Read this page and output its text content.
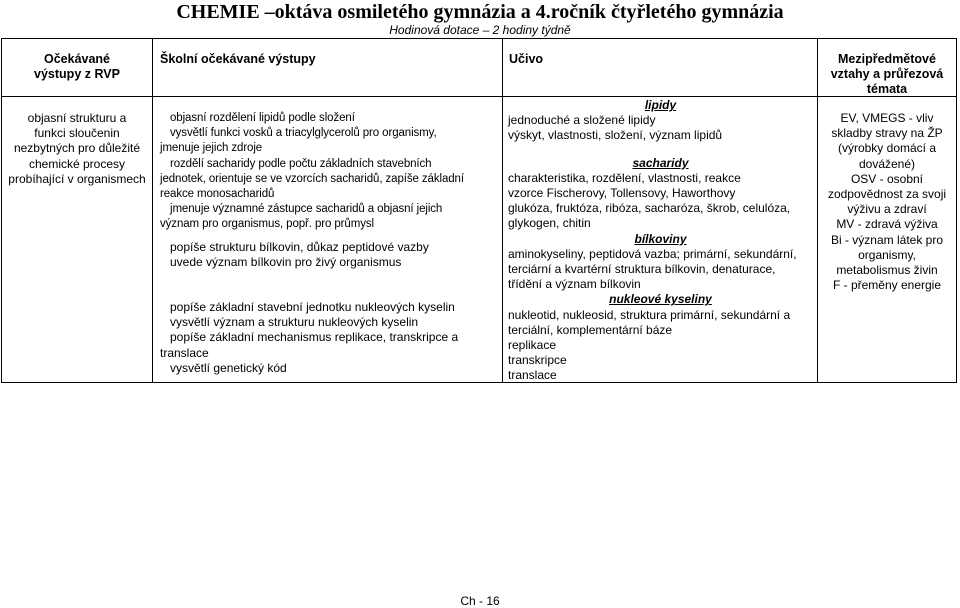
CHEMIE –oktáva osmiletého gymnázia a 4.ročník čtyřletého gymnázia
Hodinová dotace – 2 hodiny týdně
Očekávané
výstupy z RVP
Školní očekávané výstupy	Učivo	Mezipředmětové
vztahy a průřezová
témata

objasní strukturu a

funkci sloučenin

nezbytných pro důležité

chemické procesy

probíhající v organismech

objasní rozdělení lipidů podle složení

vysvětlí funkci vosků a triacylglycerolů pro organismy,

jmenuje jejich zdroje

rozdělí sacharidy podle počtu základních stavebních

jednotek, orientuje se ve vzorcích sacharidů, zapíše základní

reakce monosacharidů

jmenuje významné zástupce sacharidů a objasní jejich

význam pro organismus, popř. pro průmysl

popíše strukturu bílkovin, důkaz peptidové vazby

uvede význam bílkovin pro živý organismus

popíše základní stavební jednotku nukleových kyselin

vysvětlí význam a strukturu nukleových kyselin

popíše základní mechanismus replikace, transkripce a

translace

vysvětlí genetický kód

lipidy

jednoduché a složené lipidy

výskyt, vlastnosti, složení, význam lipidů

sacharidy

charakteristika, rozdělení, vlastnosti, reakce

vzorce Fischerovy, Tollensovy, Haworthovy

glukóza, fruktóza, ribóza, sacharóza, škrob, celulóza,

glykogen, chitin

bílkoviny

aminokyseliny, peptidová vazba; primární, sekundární,

terciární a kvartérní struktura bílkovin, denaturace,

třídění a význam bílkovin

nukleové kyseliny

nukleotid, nukleosid, struktura primární, sekundární a

terciální, komplementární báze

replikace

transkripce

translace

EV, VMEGS - vliv

skladby stravy na ŽP

(výrobky domácí a

dovážené)

OSV - osobní

zodpovědnost za svoji

výživu a zdraví

MV - zdravá výživa

Bi - význam látek pro

organismy,

metabolismus živin

F - přeměny energie

Ch - 16
